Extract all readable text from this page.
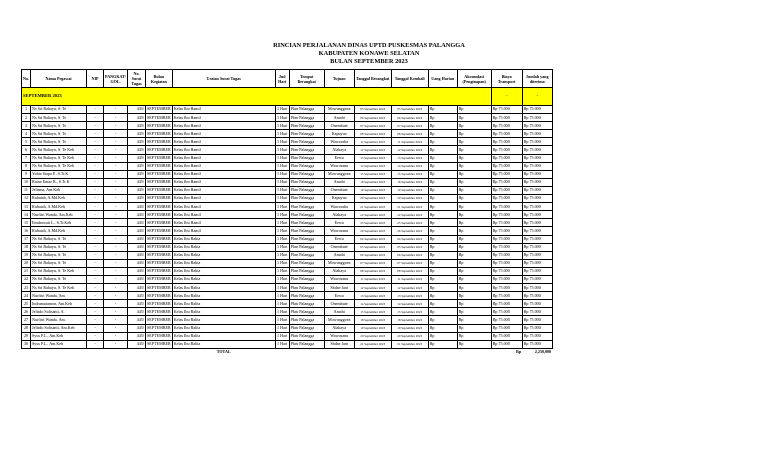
RINCIAN PERJALANAN DINAS UPTD PUSKESMAS PALANGGA
KABUPATEN KONAWE SELATAN
BULAN SEPTEMBER 2023
No.	Nama Pegawai	NIP	PANGKAT/ GOL.	No. Surat Tugas	Bulan Kegiatan	Uraian Surat Tugas	Jml Hari	Tempat Berangkat	Tujuan	Tanggal Berangkat	Tanggal Kembali	Uang Harian	Akomodasi (Penginapan)	Biaya Transport	Jumlah yang diterima
SEPTEMBER 2023														-	-
1	Ns Sri Rahayu, S. Te	-	-	445/	SEPTEMBER	Kelas Ibu Hamil	1 Hari	Pkm Palangga	Mowunggoea	05 September 2023	05 September 2023	Rp	Rp	Rp 75.000	Rp 75.000
2	Ns Sri Rahayu, S. Te	-	-	445/	SEPTEMBER	Kelas Ibu Hamil	1 Hari	Pkm Palangga	Amahi	06 September 2023	06 September 2023	Rp	Rp	Rp 75.000	Rp 75.000
3	Ns Sri Rahayu, S. Te	-	-	445/	SEPTEMBER	Kelas Ibu Hamil	1 Hari	Pkm Palangga	Onembute	07 September 2023	07 September 2023	Rp	Rp	Rp 75.000	Rp 75.000
4	Ns Sri Rahayu, S. Te	-	-	445/	SEPTEMBER	Kelas Ibu Hamil	1 Hari	Pkm Palangga	Kapuyuo	08 September 2023	08 September 2023	Rp	Rp	Rp 75.000	Rp 75.000
5	Ns Sri Rahayu, S. Te	-	-	445/	SEPTEMBER	Kelas Ibu Hamil	1 Hari	Pkm Palangga	Waworaha	11 September 2023	11 September 2023	Rp	Rp	Rp 75.000	Rp 75.000
6	Ns Sri Rahayu, S. Te Keb	-	-	445/	SEPTEMBER	Kelas Ibu Hamil	1 Hari	Pkm Palangga	Alakaya	12 September 2023	12 September 2023	Rp	Rp	Rp 75.000	Rp 75.000
7	Ns Sri Rahayu, S. Te Keb	-	-	445/	SEPTEMBER	Kelas Ibu Hamil	1 Hari	Pkm Palangga	Eewa	13 September 2023	13 September 2023	Rp	Rp	Rp 75.000	Rp 75.000
8	Ns Sri Rahayu, S. Te Keb	-	-	445/	SEPTEMBER	Kelas Ibu Hamil	1 Hari	Pkm Palangga	Wawosanu	14 September 2023	14 September 2023	Rp	Rp	Rp 75.000	Rp 75.000
9	Yuhia Siapa P., S.Tr.K	-	-	445/	SEPTEMBER	Kelas Ibu Hamil	1 Hari	Pkm Palangga	Mowunggoea	15 September 2023	15 September 2023	Rp	Rp	Rp 75.000	Rp 75.000
10	Ratna Emaz R., S.Tr.K	-	-	445/	SEPTEMBER	Kelas Ibu Hamil	1 Hari	Pkm Palangga	Amahi	18 September 2023	18 September 2023	Rp	Rp	Rp 75.000	Rp 75.000
11	Jelisma, Am.Keb	-	-	445/	SEPTEMBER	Kelas Ibu Hamil	1 Hari	Pkm Palangga	Onembute	19 September 2023	19 September 2023	Rp	Rp	Rp 75.000	Rp 75.000
12	Ruhaiah, A.Md.Keb	-	-	445/	SEPTEMBER	Kelas Ibu Hamil	1 Hari	Pkm Palangga	Kapuyuo	20 September 2023	20 September 2023	Rp	Rp	Rp 75.000	Rp 75.000
13	Ruhaiah, A.Md.Keb	-	-	445/	SEPTEMBER	Kelas Ibu Hamil	1 Hari	Pkm Palangga	Waworaha	21 September 2023	21 September 2023	Rp	Rp	Rp 75.000	Rp 75.000
14	Nurfitri Wanda, Am.Keb	-	-	445/	SEPTEMBER	Kelas Ibu Hamil	1 Hari	Pkm Palangga	Alakaya	22 September 2023	22 September 2023	Rp	Rp	Rp 75.000	Rp 75.000
15	Emdarwati L., S.Tr.Keb	-	-	445/	SEPTEMBER	Kelas Ibu Hamil	1 Hari	Pkm Palangga	Eewa	25 September 2023	25 September 2023	Rp	Rp	Rp 75.000	Rp 75.000
16	Ruhaiah, A.Md.Keb	-	-	445/	SEPTEMBER	Kelas Ibu Hamil	1 Hari	Pkm Palangga	Wawosanu	26 September 2023	26 September 2023	Rp	Rp	Rp 75.000	Rp 75.000
17	Ns Sri Rahayu, S. Te	-	-	445/	SEPTEMBER	Kelas Ibu Balita	1 Hari	Pkm Palangga	Eewa	04 September 2023	04 September 2023	Rp	Rp	Rp 75.000	Rp 75.000
18	Ns Sri Rahayu, S. Te	-	-	445/	SEPTEMBER	Kelas Ibu Balita	1 Hari	Pkm Palangga	Onembute	05 September 2023	05 September 2023	Rp	Rp	Rp 75.000	Rp 75.000
19	Ns Sri Rahayu, S. Te	-	-	445/	SEPTEMBER	Kelas Ibu Balita	1 Hari	Pkm Palangga	Amahi	06 September 2023	06 September 2023	Rp	Rp	Rp 75.000	Rp 75.000
20	Ns Sri Rahayu, S. Te	-	-	445/	SEPTEMBER	Kelas Ibu Balita	1 Hari	Pkm Palangga	Mowunggoea	07 September 2023	07 September 2023	Rp	Rp	Rp 75.000	Rp 75.000
21	Ns Sri Rahayu, S. Te Keb	-	-	445/	SEPTEMBER	Kelas Ibu Balita	1 Hari	Pkm Palangga	Alakaya	08 September 2023	08 September 2023	Rp	Rp	Rp 75.000	Rp 75.000
22	Ns Sri Rahayu, S. Te	-	-	445/	SEPTEMBER	Kelas Ibu Balita	1 Hari	Pkm Palangga	Wawosanu	11 September 2023	11 September 2023	Rp	Rp	Rp 75.000	Rp 75.000
23	Ns Sri Rahayu, S. Te Keb	-	-	445/	SEPTEMBER	Kelas Ibu Balita	1 Hari	Pkm Palangga	Sbdae Jani	12 September 2023	12 September 2023	Rp	Rp	Rp 75.000	Rp 75.000
24	Nurfitri Wanda, Am.	-	-	445/	SEPTEMBER	Kelas Ibu Balita	1 Hari	Pkm Palangga	Eewa	13 September 2023	13 September 2023	Rp	Rp	Rp 75.000	Rp 75.000
25	Indramutamon, Am.Keb	-	-	445/	SEPTEMBER	Kelas Ibu Balita	1 Hari	Pkm Palangga	Onembute	14 September 2023	14 September 2023	Rp	Rp	Rp 75.000	Rp 75.000
26	Jelisdo Solisanti, A.	-	-	445/	SEPTEMBER	Kelas Ibu Balita	1 Hari	Pkm Palangga	Amahi	15 September 2023	15 September 2023	Rp	Rp	Rp 75.000	Rp 75.000
27	Nurfitri Wanda, Am.	-	-	445/	SEPTEMBER	Kelas Ibu Balita	1 Hari	Pkm Palangga	Mowunggoea	18 September 2023	18 September 2023	Rp	Rp	Rp 75.000	Rp 75.000
28	Jelisdo Solisanti, Am.Keb	-	-	445/	SEPTEMBER	Kelas Ibu Balita	1 Hari	Pkm Palangga	Alakaya	19 September 2023	19 September 2023	Rp	Rp	Rp 75.000	Rp 75.000
29	Syus P.L., Am.Keb	-	-	445/	SEPTEMBER	Kelas Ibu Balita	1 Hari	Pkm Palangga	Wawosanu	20 September 2023	20 September 2023	Rp	Rp	Rp 75.000	Rp 75.000
30	Syus P.L., Am.Keb	-	-	445/	SEPTEMBER	Kelas Ibu Balita	1 Hari	Pkm Palangga	Sbdae Jani	21 September 2023	21 September 2023	Rp	Rp	Rp 75.000	Rp 75.000
						TOTAL								Rp	2,250,000
